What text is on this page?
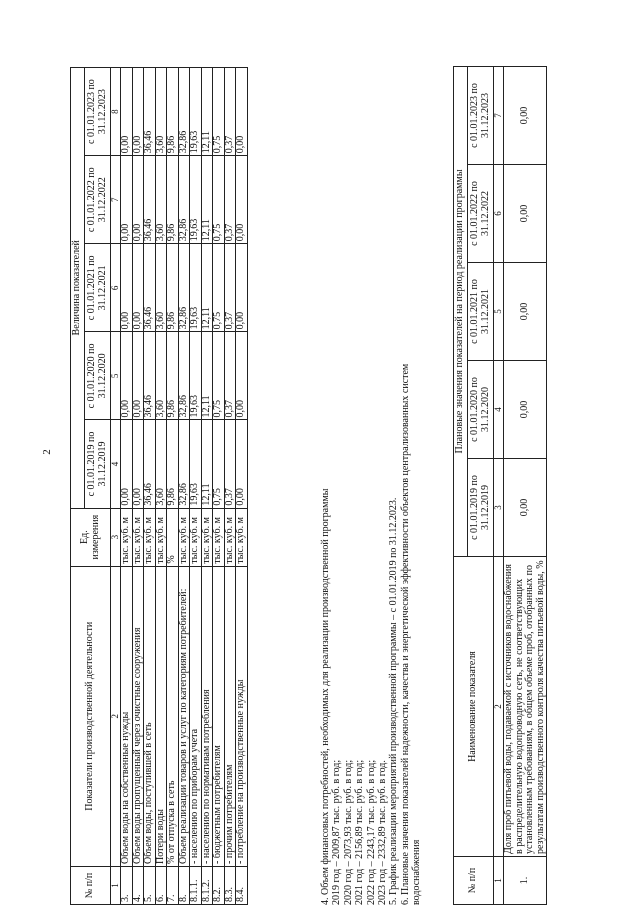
2
№ п/п	Показатели производственной деятельности	Ед. измерения	Величина показателей				
			с 01.01.2019 по 31.12.2019	с 01.01.2020 по 31.12.2020	с 01.01.2021 по 31.12.2021	с 01.01.2022 по 31.12.2022	с 01.01.2023 по 31.12.2023
1	2	3	4	5	6	7	8
3.	Объем воды на собственные нужды	тыс. куб. м	0,00	0,00	0,00	0,00	0,00
4.	Объем воды пропущенный через очистные сооружения	тыс. куб. м	0,00	0,00	0,00	0,00	0,00
5.	Объем воды, поступившей в сеть	тыс. куб. м	36,46	36,46	36,46	36,46	36,46
6.	Потери воды	тыс. куб. м	3,60	3,60	3,60	3,60	3,60
7.	% от отпуска в сеть	%	9,86	9,86	9,86	9,86	9,86
8.	Объем реализации товаров и услуг по категориям потребителей:	тыс. куб. м	32,86	32,86	32,86	32,86	32,86
8.1.1.	- населению по приборам учета	тыс. куб. м	19,63	19,63	19,63	19,63	19,63
8.1.2.	- населению по нормативам потребления	тыс. куб. м	12,11	12,11	12,11	12,11	12,11
8.2.	- бюджетным потребителям	тыс. куб. м	0,75	0,75	0,75	0,75	0,75
8.3.	- прочим потребителям	тыс. куб. м	0,37	0,37	0,37	0,37	0,37
8.4.	- потребление на производственные нужды	тыс. куб. м	0,00	0,00	0,00	0,00	0,00
4. Объем финансовых потребностей, необходимых для реализации производственной программы 2019 год – 2009,87 тыс. руб. в год; 2020 год – 2073,93 тыс. руб. в год; 2021 год – 2156,89 тыс. руб. в год; 2022 год – 2243,17 тыс. руб. в год; 2023 год – 2332,89 тыс. руб. в год. 5. График реализации мероприятий производственной программы – с 01.01.2019 по 31.12.2023. 6. Плановые значения показателей надежности, качества и энергетической эффективности объектов централизованных систем водоснабжения	№ п/п	Наименование показателя	Плановые значения показателей на период реализации программы				
		с 01.01.2019 по 31.12.2019	с 01.01.2020 по 31.12.2020	с 01.01.2021 по 31.12.2021	с 01.01.2022 по 31.12.2022	с 01.01.2023 по 31.12.2023
1	2	3	4	5	6	7
1.	Доля проб питьевой воды, подаваемой с источников водоснабжения в распределительную водопроводную сеть, не соответствующих установленным требованиям, в общем объеме проб, отобранных по результатам производственного контроля качества питьевой воды, %	0,00	0,00	0,00	0,00	0,00
